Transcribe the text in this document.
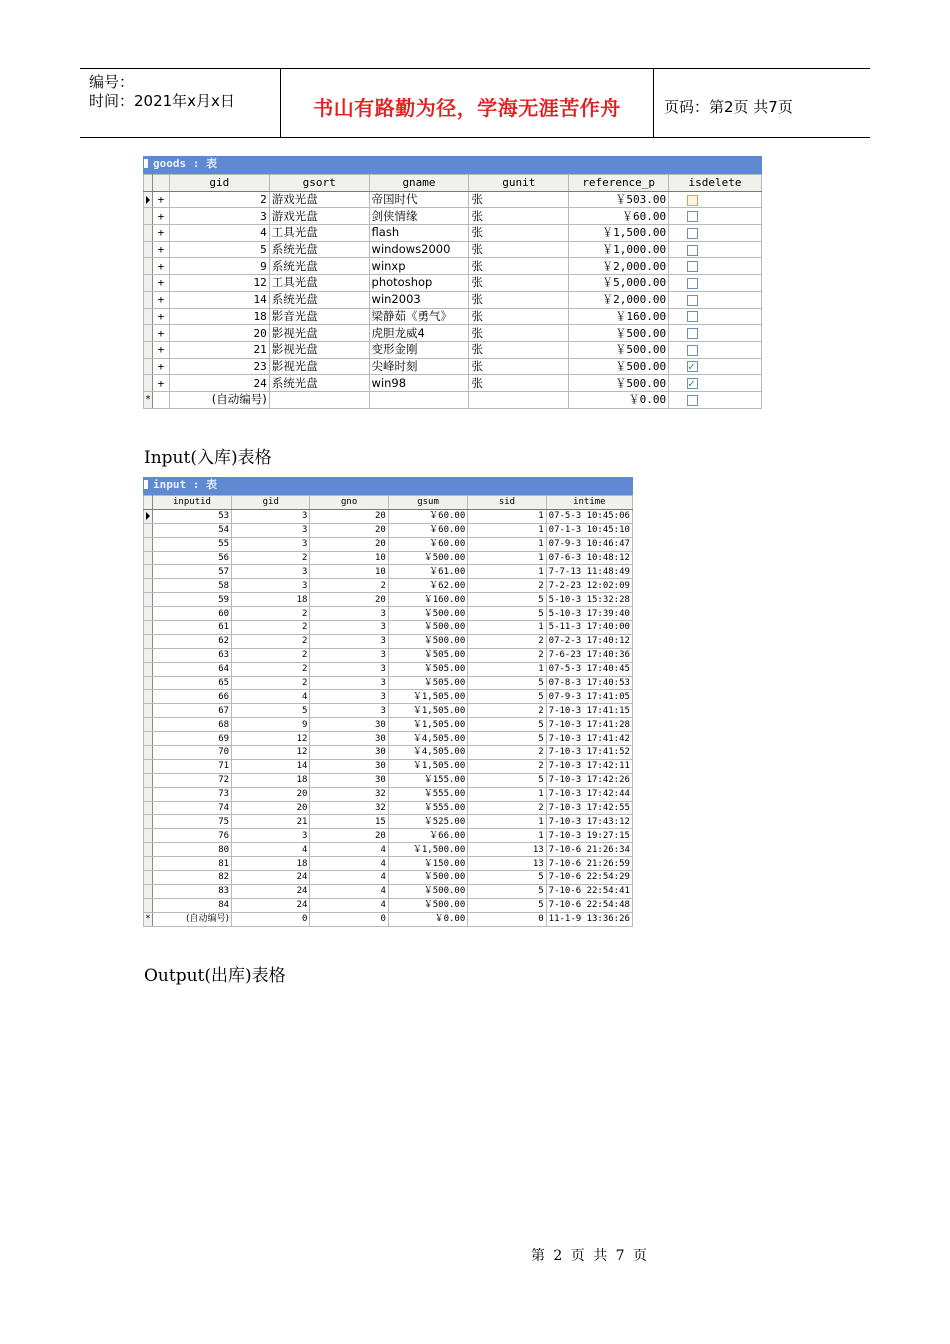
编号：
时间：2021年x月x日	书山有路勤为径，学海无涯苦作舟	页码：第2页 共7页
goods : 表
		gid	gsort	gname	gunit	reference_p	isdelete
	+	2	游戏光盘	帝国时代	张	￥503.00	
	+	3	游戏光盘	剑侠情缘	张	￥60.00	
	+	4	工具光盘	flash	张	￥1,500.00	
	+	5	系统光盘	windows2000	张	￥1,000.00	
	+	9	系统光盘	winxp	张	￥2,000.00	
	+	12	工具光盘	photoshop	张	￥5,000.00	
	+	14	系统光盘	win2003	张	￥2,000.00	
	+	18	影音光盘	梁静茹《勇气》	张	￥160.00	
	+	20	影视光盘	虎胆龙威4	张	￥500.00	
	+	21	影视光盘	变形金刚	张	￥500.00	
	+	23	影视光盘	尖峰时刻	张	￥500.00	✓
	+	24	系统光盘	win98	张	￥500.00	✓
*		(自动编号)				￥0.00	
Input(入库)表格
input : 表
	inputid	gid	gno	gsum	sid	intime
	53	3	20	￥60.00	1	07-5-3 10:45:06
	54	3	20	￥60.00	1	07-1-3 10:45:10
	55	3	20	￥60.00	1	07-9-3 10:46:47
	56	2	10	￥500.00	1	07-6-3 10:48:12
	57	3	10	￥61.00	1	7-7-13 11:48:49
	58	3	2	￥62.00	2	7-2-23 12:02:09
	59	18	20	￥160.00	5	5-10-3 15:32:28
	60	2	3	￥500.00	5	5-10-3 17:39:40
	61	2	3	￥500.00	1	5-11-3 17:40:00
	62	2	3	￥500.00	2	07-2-3 17:40:12
	63	2	3	￥505.00	2	7-6-23 17:40:36
	64	2	3	￥505.00	1	07-5-3 17:40:45
	65	2	3	￥505.00	5	07-8-3 17:40:53
	66	4	3	￥1,505.00	5	07-9-3 17:41:05
	67	5	3	￥1,505.00	2	7-10-3 17:41:15
	68	9	30	￥1,505.00	5	7-10-3 17:41:28
	69	12	30	￥4,505.00	5	7-10-3 17:41:42
	70	12	30	￥4,505.00	2	7-10-3 17:41:52
	71	14	30	￥1,505.00	2	7-10-3 17:42:11
	72	18	30	￥155.00	5	7-10-3 17:42:26
	73	20	32	￥555.00	1	7-10-3 17:42:44
	74	20	32	￥555.00	2	7-10-3 17:42:55
	75	21	15	￥525.00	1	7-10-3 17:43:12
	76	3	20	￥66.00	1	7-10-3 19:27:15
	80	4	4	￥1,500.00	13	7-10-6 21:26:34
	81	18	4	￥150.00	13	7-10-6 21:26:59
	82	24	4	￥500.00	5	7-10-6 22:54:29
	83	24	4	￥500.00	5	7-10-6 22:54:41
	84	24	4	￥500.00	5	7-10-6 22:54:48
*	(自动编号)	0	0	￥0.00	0	11-1-9 13:36:26
Output(出库)表格
第 2 页 共 7 页
